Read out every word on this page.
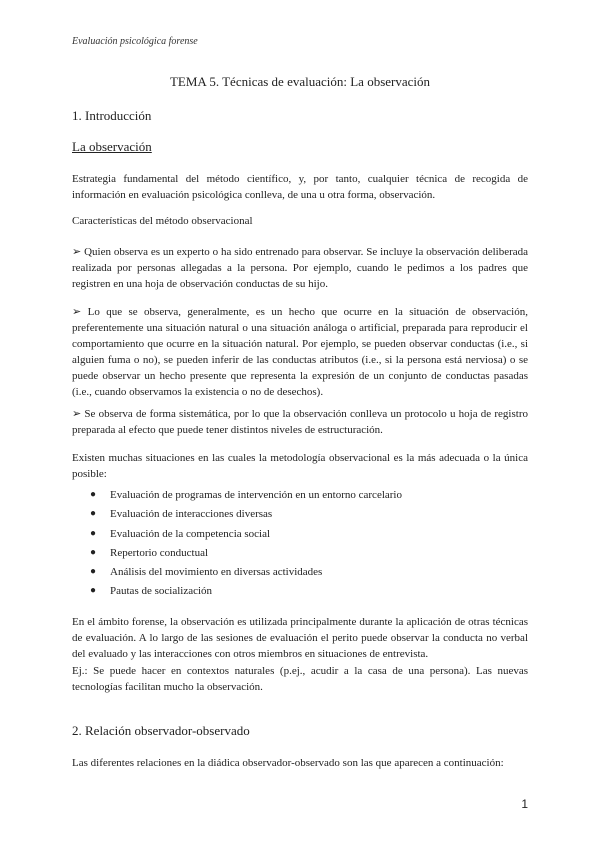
Evaluación psicológica forense
TEMA 5. Técnicas de evaluación: La observación
1. Introducción
La observación
Estrategia fundamental del método científico, y, por tanto, cualquier técnica de recogida de información en evaluación psicológica conlleva, de una u otra forma, observación.
Características del método observacional
➢ Quien observa es un experto o ha sido entrenado para observar. Se incluye la observación deliberada realizada por personas allegadas a la persona. Por ejemplo, cuando le pedimos a los padres que registren en una hoja de observación conductas de su hijo.
➢ Lo que se observa, generalmente, es un hecho que ocurre en la situación de observación, preferentemente una situación natural o una situación análoga o artificial, preparada para reproducir el comportamiento que ocurre en la situación natural. Por ejemplo, se pueden observar conductas (i.e., si alguien fuma o no), se pueden inferir de las conductas atributos (i.e., si la persona está nerviosa) o se puede observar un hecho presente que representa la expresión de un conjunto de conductas pasadas (i.e., cuando observamos la existencia o no de desechos).
➢ Se observa de forma sistemática, por lo que la observación conlleva un protocolo u hoja de registro preparada al efecto que puede tener distintos niveles de estructuración.
Existen muchas situaciones en las cuales la metodología observacional es la más adecuada o la única posible:
● Evaluación de programas de intervención en un entorno carcelario
● Evaluación de interacciones diversas
● Evaluación de la competencia social
● Repertorio conductual
● Análisis del movimiento en diversas actividades
● Pautas de socialización
En el ámbito forense, la observación es utilizada principalmente durante la aplicación de otras técnicas de evaluación. A lo largo de las sesiones de evaluación el perito puede observar la conducta no verbal del evaluado y las interacciones con otros miembros en situaciones de entrevista.
Ej.: Se puede hacer en contextos naturales (p.ej., acudir a la casa de una persona). Las nuevas tecnologías facilitan mucho la observación.
2. Relación observador-observado
Las diferentes relaciones en la diádica observador-observado son las que aparecen a continuación:
1
